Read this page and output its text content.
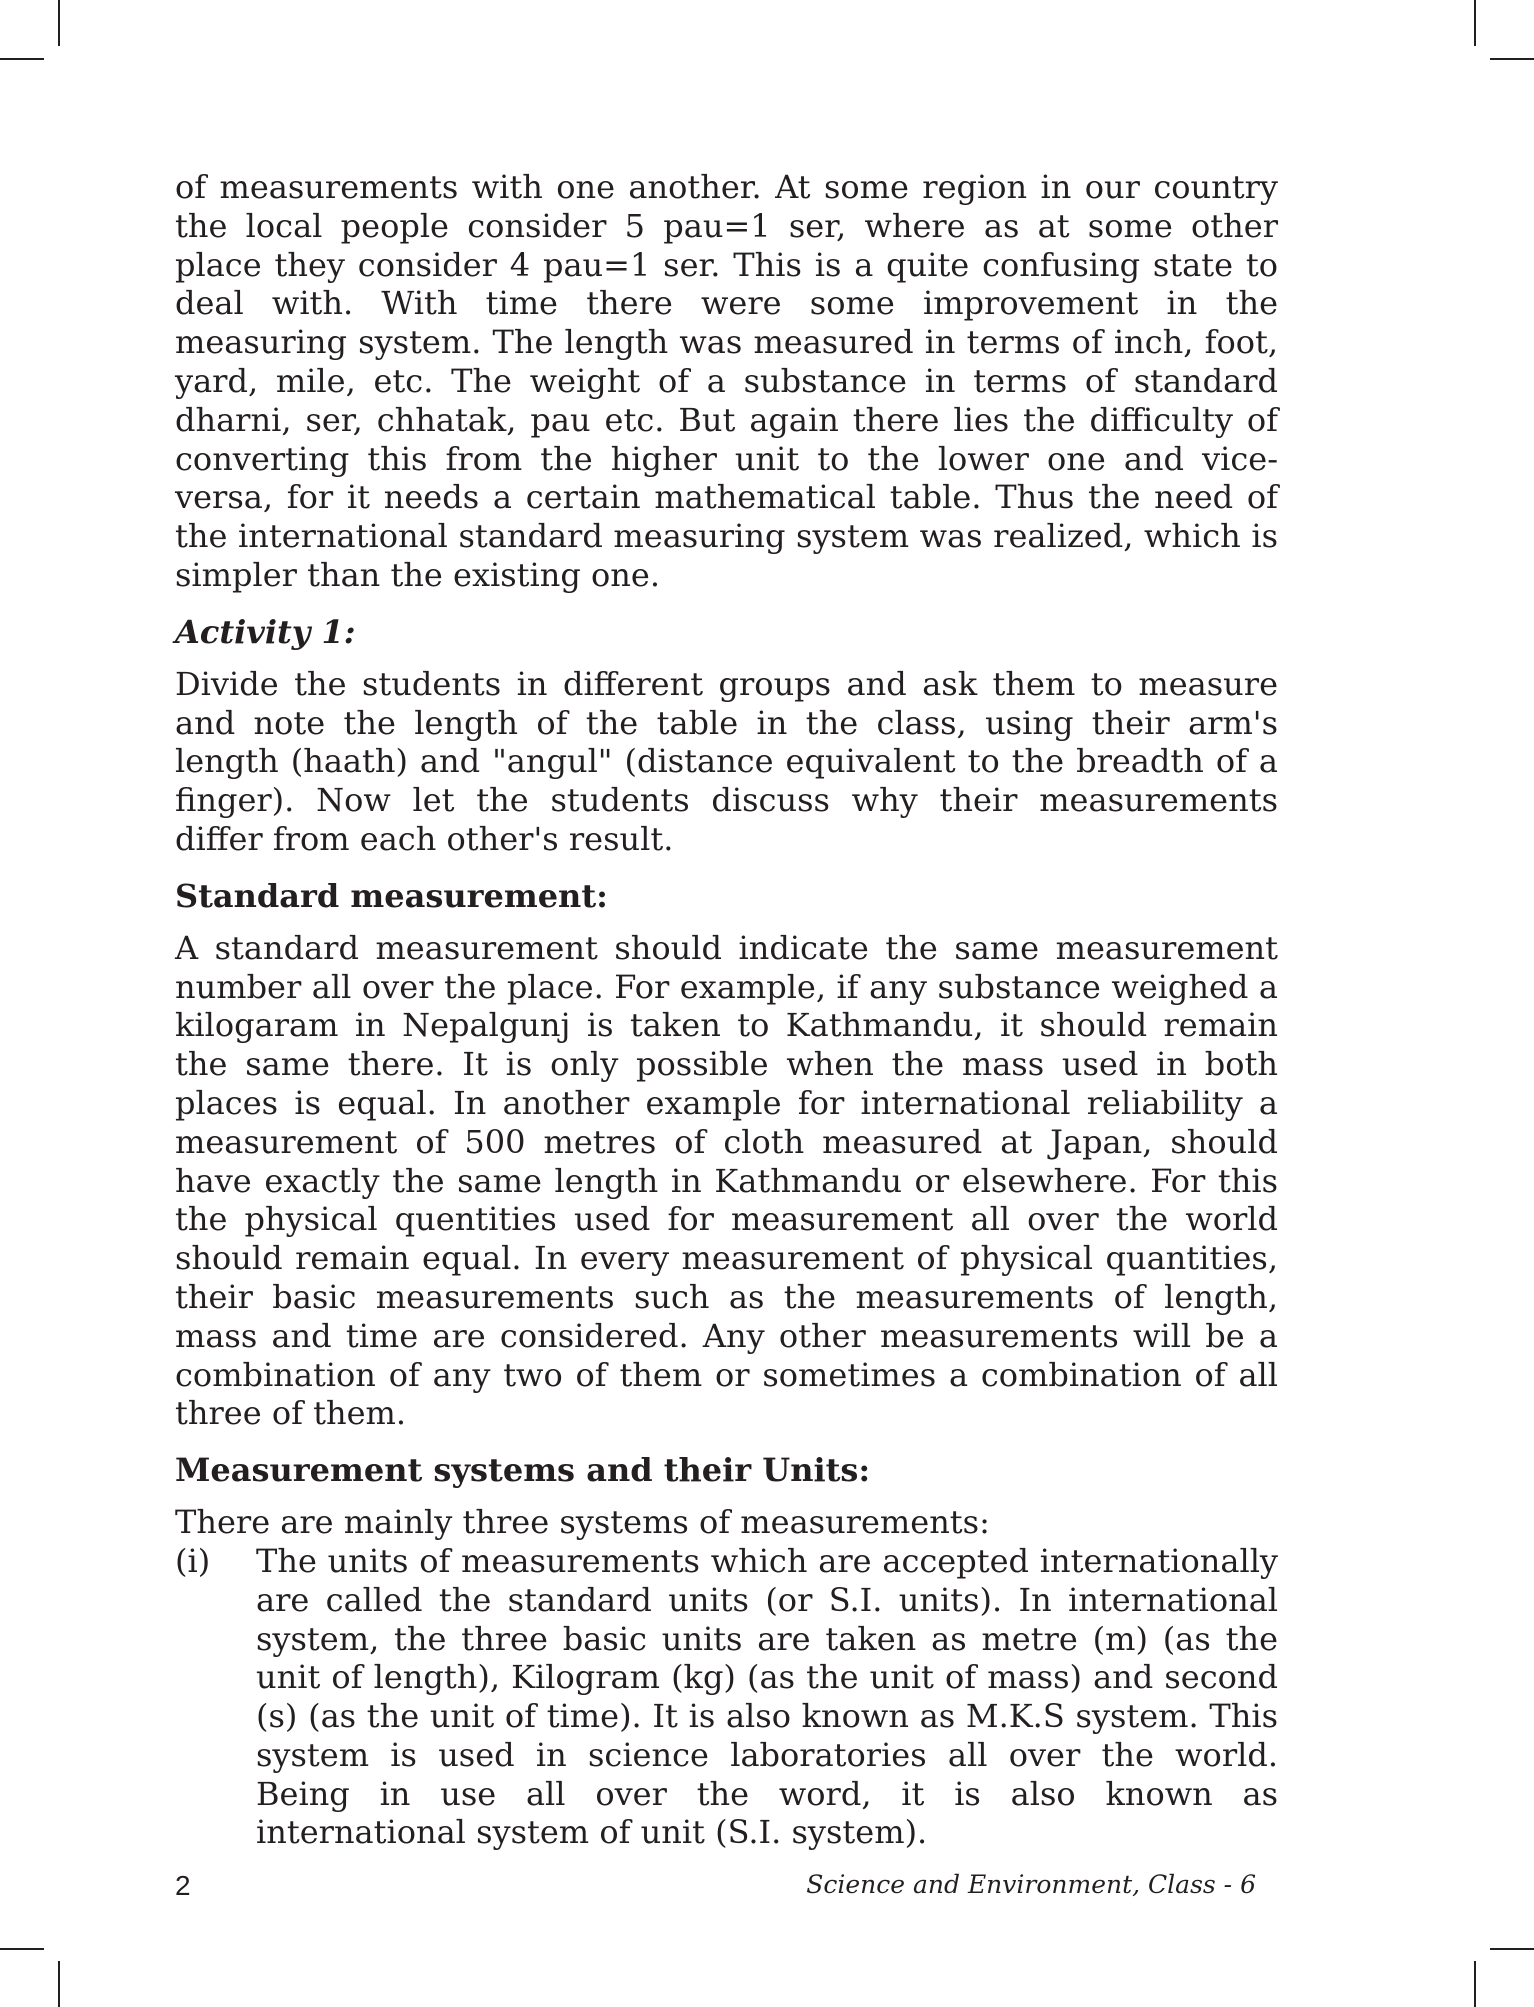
of measurements with one another. At some region in our country the local people consider 5 pau=1 ser, where as at some other place they consider 4 pau=1 ser. This is a quite confusing state to deal with. With time there were some improvement in the measuring system. The length was measured in terms of inch, foot, yard, mile, etc. The weight of a substance in terms of standard dharni, ser, chhatak, pau etc. But again there lies the difficulty of converting this from the higher unit to the lower one and vice-versa, for it needs a certain mathematical table. Thus the need of the international standard measuring system was realized, which is simpler than the existing one.

Activity 1:

Divide the students in different groups and ask them to measure and note the length of the table in the class, using their arm's length (haath) and "angul" (distance equivalent to the breadth of a finger). Now let the students discuss why their measurements differ from each other's result.

Standard measurement:

A standard measurement should indicate the same measurement number all over the place. For example, if any substance weighed a kilogaram in Nepalgunj is taken to Kathmandu, it should remain the same there. It is only possible when the mass used in both places is equal. In another example for international reliability a measurement of 500 metres of cloth measured at Japan, should have exactly the same length in Kathmandu or elsewhere. For this the physical quentities used for measurement all over the world should remain equal. In every measurement of physical quantities, their basic measurements such as the measurements of length, mass and time are considered. Any other measurements will be a combination of any two of them or sometimes a combination of all three of them.

Measurement systems and their Units:

There are mainly three systems of measurements:

(i)	The units of measurements which are accepted internationally are called the standard units (or S.I. units). In international system, the three basic units are taken as metre (m) (as the unit of length), Kilogram (kg) (as the unit of mass) and second (s) (as the unit of time). It is also known as M.K.S system. This system is used in science laboratories all over the world. Being in use all over the word, it is also known as international system of unit (S.I. system).
2	Science and Environment, Class - 6
